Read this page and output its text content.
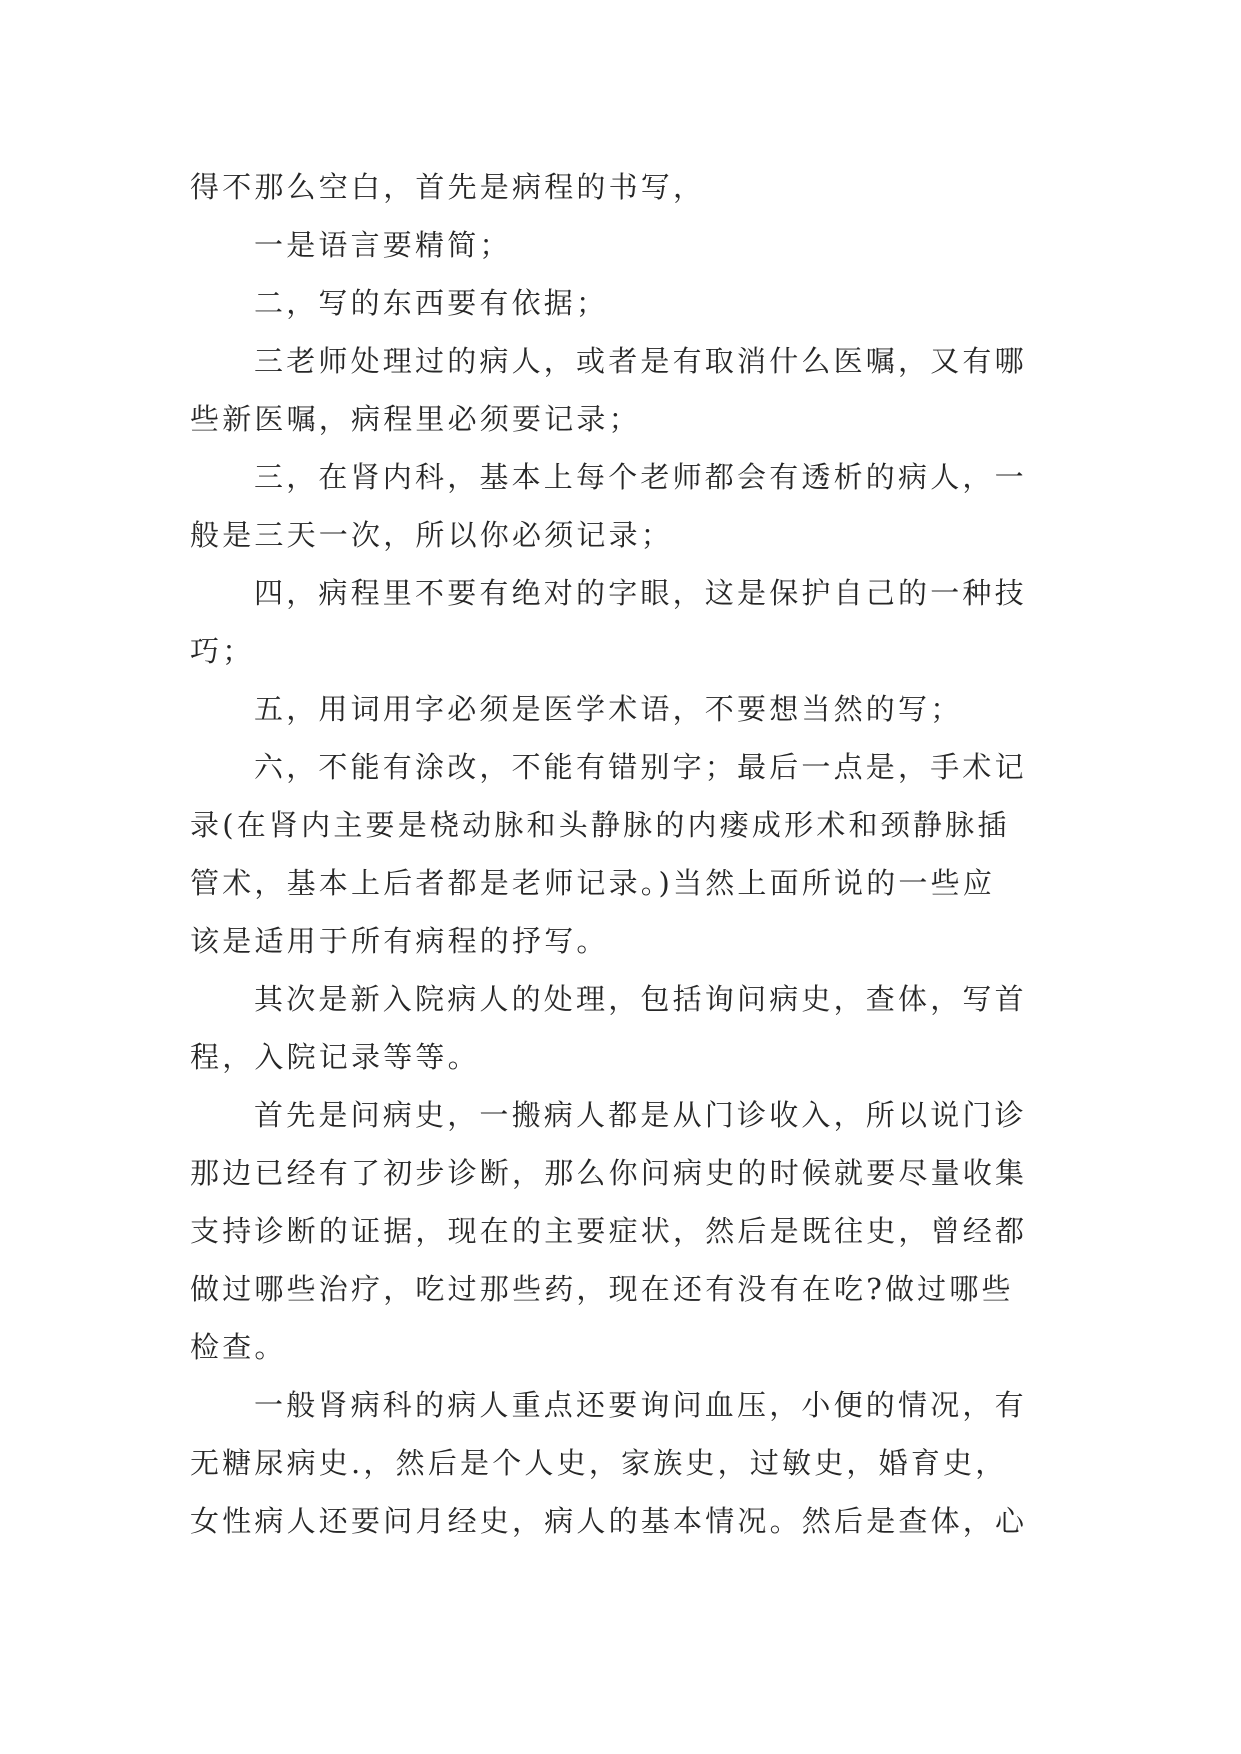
得不那么空白，首先是病程的书写，
一是语言要精简；
二，写的东西要有依据；
三老师处理过的病人，或者是有取消什么医嘱，又有哪
些新医嘱，病程里必须要记录；
三，在肾内科，基本上每个老师都会有透析的病人，一
般是三天一次，所以你必须记录；
四，病程里不要有绝对的字眼，这是保护自己的一种技
巧；
五，用词用字必须是医学术语，不要想当然的写；
六，不能有涂改，不能有错别字；最后一点是，手术记
录(在肾内主要是桡动脉和头静脉的内瘘成形术和颈静脉插
管术，基本上后者都是老师记录。)当然上面所说的一些应
该是适用于所有病程的抒写。
其次是新入院病人的处理，包括询问病史，查体，写首
程，入院记录等等。
首先是问病史，一搬病人都是从门诊收入，所以说门诊
那边已经有了初步诊断，那么你问病史的时候就要尽量收集
支持诊断的证据，现在的主要症状，然后是既往史，曾经都
做过哪些治疗，吃过那些药，现在还有没有在吃?做过哪些
检查。
一般肾病科的病人重点还要询问血压，小便的情况，有
无糖尿病史.，然后是个人史，家族史，过敏史，婚育史，
女性病人还要问月经史，病人的基本情况。然后是查体，心
